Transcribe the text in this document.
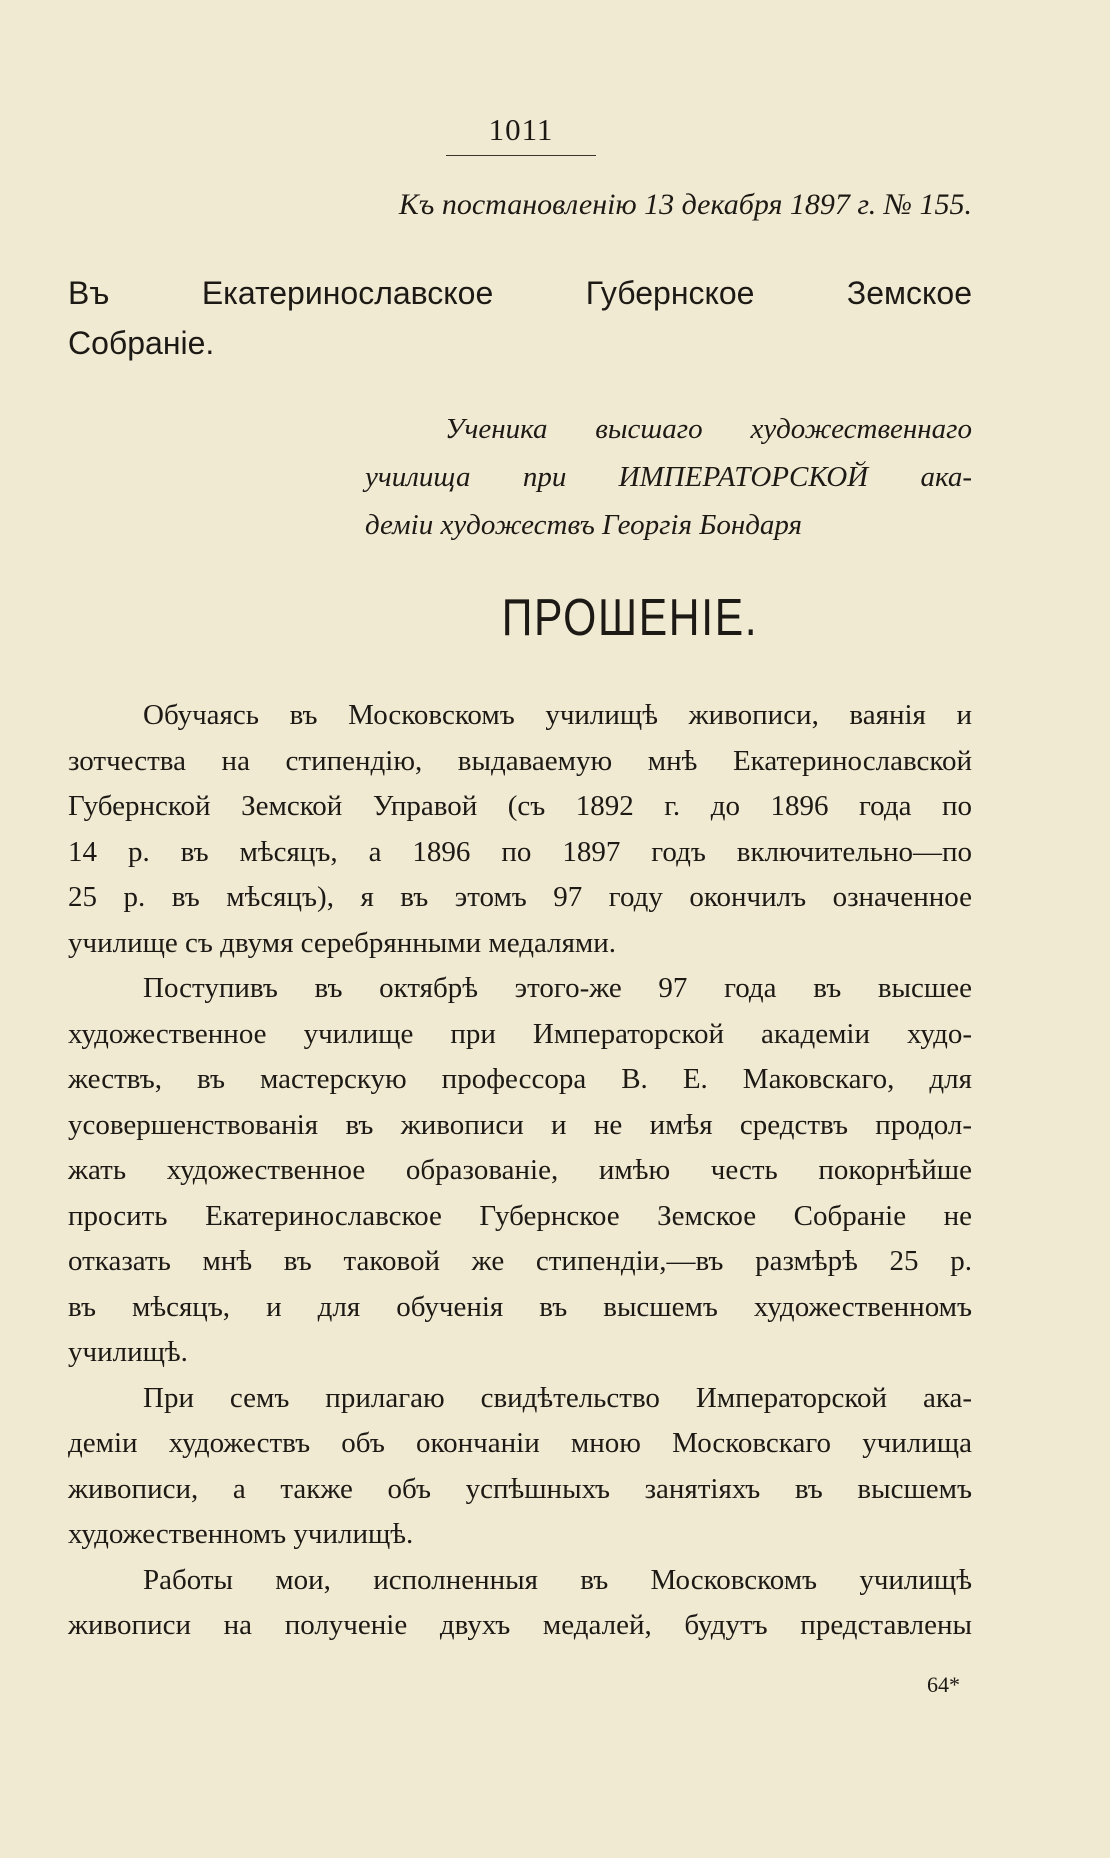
1011
Къ постановленію 13 декабря 1897 г. № 155.
Въ Екатеринославское Губернское Земское
Собраніе.
Ученика высшаго художественнаго
училища при ИМПЕРАТОРСКОЙ ака-
деміи художествъ Георгія Бондаря
ПРОШЕНІЕ.
Обучаясь въ Московскомъ училищѣ живописи, ваянія и
зотчества на стипендію, выдаваемую мнѣ Екатеринославской
Губернской Земской Управой (съ 1892 г. до 1896 года по
14 р. въ мѣсяцъ, а 1896 по 1897 годъ включительно—по
25 р. въ мѣсяцъ), я въ этомъ 97 году окончилъ означенное
училище съ двумя серебрянными медалями.
Поступивъ въ октябрѣ этого-же 97 года въ высшее
художественное училище при Императорской академіи худо-
жествъ, въ мастерскую профессора В. Е. Маковскаго, для
усовершенствованія въ живописи и не имѣя средствъ продол-
жать художественное образованіе, имѣю честь покорнѣйше
просить Екатеринославское Губернское Земское Собраніе не
отказать мнѣ въ таковой же стипендіи,—въ размѣрѣ 25 р.
въ мѣсяцъ, и для обученія въ высшемъ художественномъ
училищѣ.
При семъ прилагаю свидѣтельство Императорской ака-
деміи художествъ объ окончаніи мною Московскаго училища
живописи, а также объ успѣшныхъ занятіяхъ въ высшемъ
художественномъ училищѣ.
Работы мои, исполненныя въ Московскомъ училищѣ
живописи на полученіе двухъ медалей, будутъ представлены
64*
